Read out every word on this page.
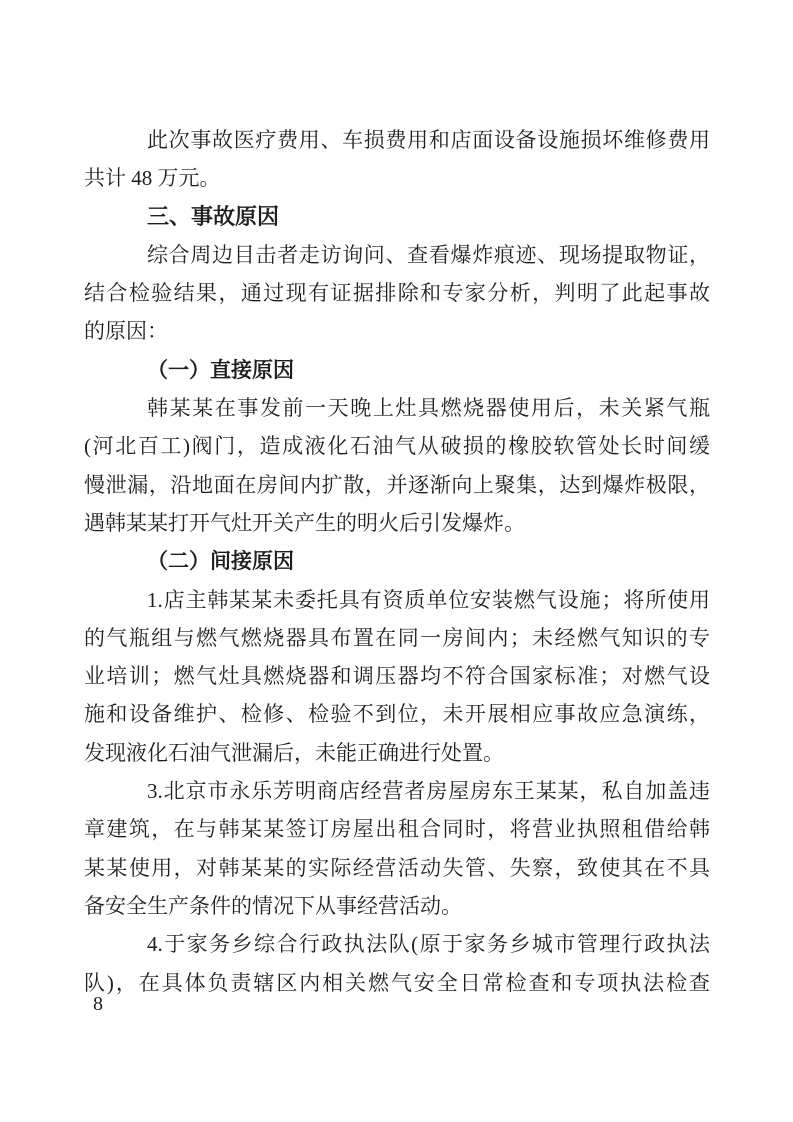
此次事故医疗费用、车损费用和店面设备设施损坏维修费用
共计 48 万元。
三、事故原因
综合周边目击者走访询问、查看爆炸痕迹、现场提取物证，
结合检验结果，通过现有证据排除和专家分析，判明了此起事故
的原因：
（一）直接原因
韩某某在事发前一天晚上灶具燃烧器使用后，未关紧气瓶
(河北百工)阀门，造成液化石油气从破损的橡胶软管处长时间缓
慢泄漏，沿地面在房间内扩散，并逐渐向上聚集，达到爆炸极限，
遇韩某某打开气灶开关产生的明火后引发爆炸。
（二）间接原因
1.店主韩某某未委托具有资质单位安装燃气设施；将所使用
的气瓶组与燃气燃烧器具布置在同一房间内；未经燃气知识的专
业培训；燃气灶具燃烧器和调压器均不符合国家标准；对燃气设
施和设备维护、检修、检验不到位，未开展相应事故应急演练，
发现液化石油气泄漏后，未能正确进行处置。
3.北京市永乐芳明商店经营者房屋房东王某某，私自加盖违
章建筑，在与韩某某签订房屋出租合同时，将营业执照租借给韩
某某使用，对韩某某的实际经营活动失管、失察，致使其在不具
备安全生产条件的情况下从事经营活动。
4.于家务乡综合行政执法队(原于家务乡城市管理行政执法
队)，在具体负责辖区内相关燃气安全日常检查和专项执法检查
8
